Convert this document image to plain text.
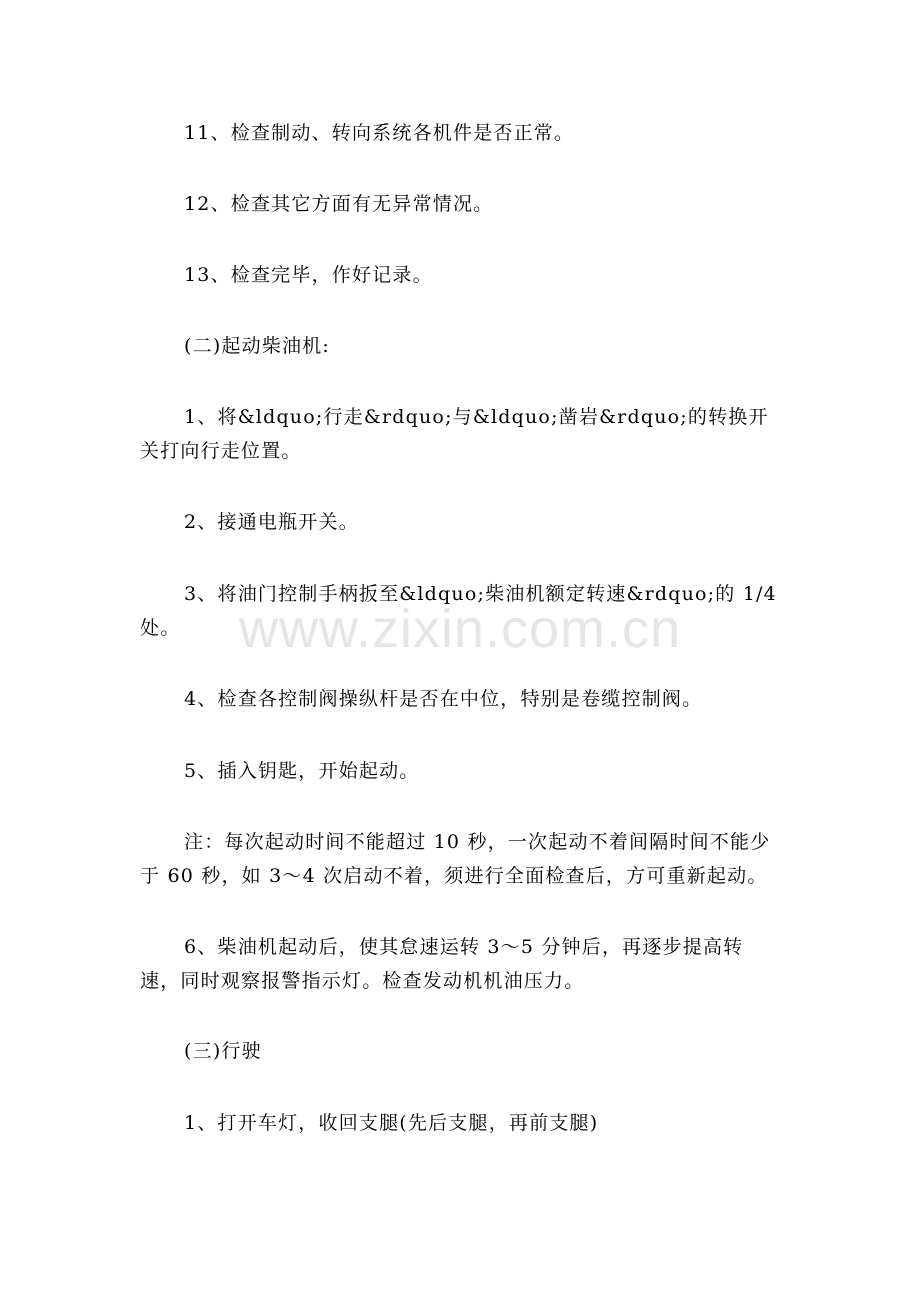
11、检查制动、转向系统各机件是否正常。

12、检查其它方面有无异常情况。

13、检查完毕，作好记录。

(二)起动柴油机:

1、将&ldquo;行走&rdquo;与&ldquo;凿岩&rdquo;的转换开关打向行走位置。

2、接通电瓶开关。

3、将油门控制手柄扳至&ldquo;柴油机额定转速&rdquo;的 1/4 处。

4、检查各控制阀操纵杆是否在中位，特别是卷缆控制阀。

5、插入钥匙，开始起动。

注：每次起动时间不能超过 10 秒，一次起动不着间隔时间不能少于 60 秒，如 3～4 次启动不着，须进行全面检查后，方可重新起动。

6、柴油机起动后，使其怠速运转 3～5 分钟后，再逐步提高转速，同时观察报警指示灯。检查发动机机油压力。

(三)行驶

1、打开车灯，收回支腿(先后支腿，再前支腿)

www.zixin.com.cn
